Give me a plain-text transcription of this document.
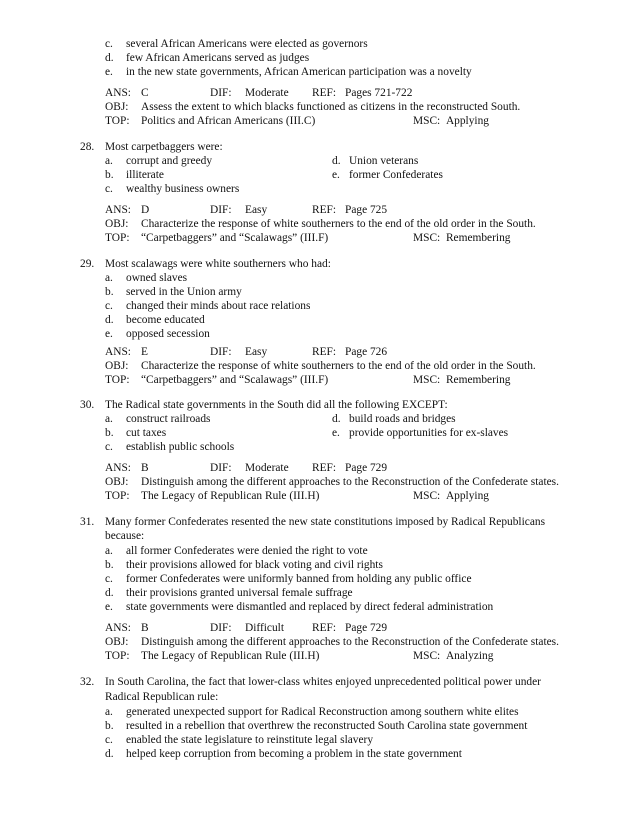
c.	several African Americans were elected as governors
d.	few African Americans served as judges
e.	in the new state governments, African American participation was a novelty
ANS: C	DIF: Moderate REF: Pages 721-722
OBJ: Assess the extent to which blacks functioned as citizens in the reconstructed South.
TOP: Politics and African Americans (III.C)	MSC: Applying
28. Most carpetbaggers were:
a.	corrupt and greedy	d. Union veterans
b.	illiterate	e. former Confederates
c.	wealthy business owners
ANS: D	DIF: Easy	REF: Page 725
OBJ: Characterize the response of white southerners to the end of the old order in the South.
TOP: “Carpetbaggers” and “Scalawags” (III.F)	MSC: Remembering
29. Most scalawags were white southerners who had:
a.	owned slaves
b.	served in the Union army
c.	changed their minds about race relations
d.	become educated
e.	opposed secession
ANS: E	DIF: Easy	REF: Page 726
OBJ: Characterize the response of white southerners to the end of the old order in the South.
TOP: “Carpetbaggers” and “Scalawags” (III.F)	MSC: Remembering
30. The Radical state governments in the South did all the following EXCEPT:
a.	construct railroads	d. build roads and bridges
b.	cut taxes	e. provide opportunities for ex-slaves
c.	establish public schools
ANS: B	DIF: Moderate REF: Page 729
OBJ: Distinguish among the different approaches to the Reconstruction of the Confederate states.
TOP: The Legacy of Republican Rule (III.H)	MSC: Applying
31. Many former Confederates resented the new state constitutions imposed by Radical Republicans
because:
a.	all former Confederates were denied the right to vote
b.	their provisions allowed for black voting and civil rights
c.	former Confederates were uniformly banned from holding any public office
d.	their provisions granted universal female suffrage
e.	state governments were dismantled and replaced by direct federal administration
ANS: B	DIF: Difficult REF: Page 729
OBJ: Distinguish among the different approaches to the Reconstruction of the Confederate states.
TOP: The Legacy of Republican Rule (III.H)	MSC: Analyzing
32. In South Carolina, the fact that lower-class whites enjoyed unprecedented political power under
Radical Republican rule:
a.	generated unexpected support for Radical Reconstruction among southern white elites
b.	resulted in a rebellion that overthrew the reconstructed South Carolina state government
c.	enabled the state legislature to reinstitute legal slavery
d.	helped keep corruption from becoming a problem in the state government
